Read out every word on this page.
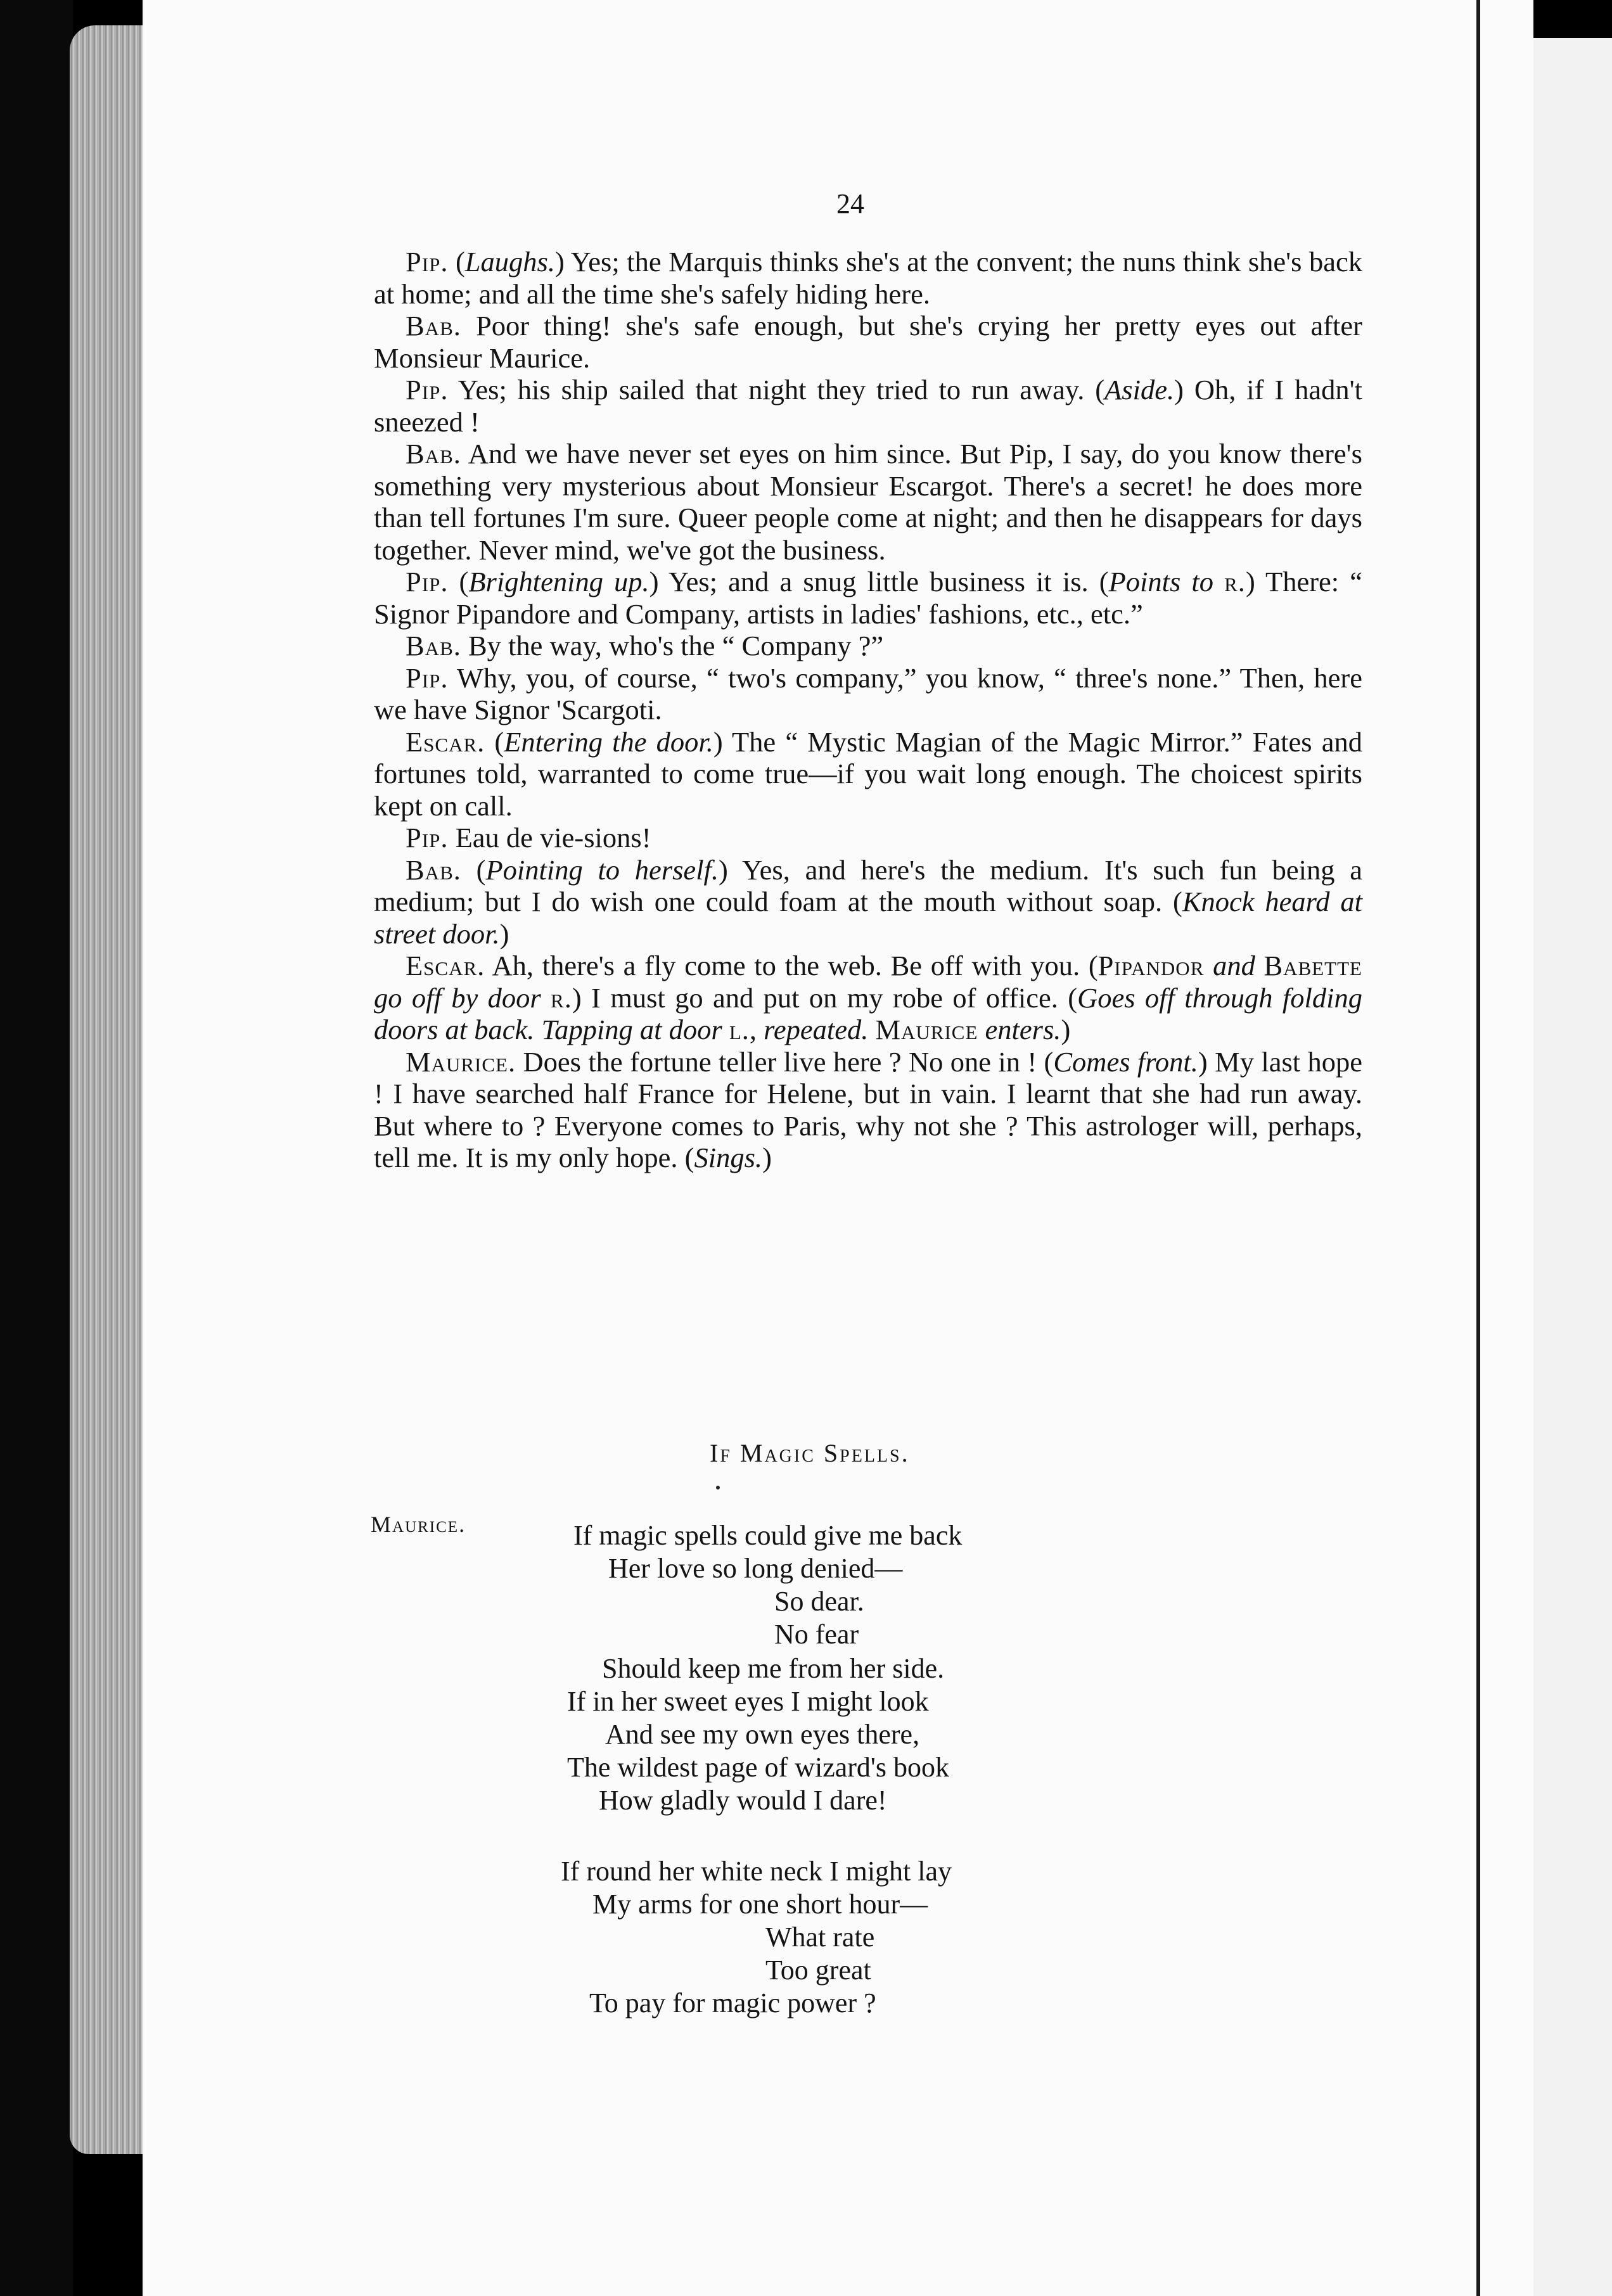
24

Pip. (Laughs.) Yes; the Marquis thinks she's at the convent; the nuns think she's back at home; and all the time she's safely hiding here.

Bab. Poor thing! she's safe enough, but she's crying her pretty eyes out after Monsieur Maurice.

Pip. Yes; his ship sailed that night they tried to run away. (Aside.) Oh, if I hadn't sneezed !

Bab. And we have never set eyes on him since. But Pip, I say, do you know there's something very mysterious about Monsieur Escargot. There's a secret! he does more than tell fortunes I'm sure. Queer people come at night; and then he disappears for days together. Never mind, we've got the business.

Pip. (Brightening up.) Yes; and a snug little business it is. (Points to r.) There: “ Signor Pipandore and Company, artists in ladies' fashions, etc., etc.”

Bab. By the way, who's the “ Company ?”

Pip. Why, you, of course, “ two's company,” you know, “ three's none.” Then, here we have Signor 'Scargoti.

Escar. (Entering the door.) The “ Mystic Magian of the Magic Mirror.” Fates and fortunes told, warranted to come true—if you wait long enough. The choicest spirits kept on call.

Pip. Eau de vie-sions!

Bab. (Pointing to herself.) Yes, and here's the medium. It's such fun being a medium; but I do wish one could foam at the mouth without soap. (Knock heard at street door.)

Escar. Ah, there's a fly come to the web. Be off with you. (Pipandor and Babette go off by door r.) I must go and put on my robe of office. (Goes off through folding doors at back. Tapping at door l., repeated. Maurice enters.)

Maurice. Does the fortune teller live here ? No one in ! (Comes front.) My last hope ! I have searched half France for Helene, but in vain. I learnt that she had run away. But where to ? Everyone comes to Paris, why not she ? This astrologer will, perhaps, tell me. It is my only hope. (Sings.)

If Magic Spells.
Maurice.	If magic spells could give me back
Her love so long denied—
So dear.
No fear
Should keep me from her side.
If in her sweet eyes I might look
And see my own eyes there,
The wildest page of wizard's book
How gladly would I dare!
If round her white neck I might lay
My arms for one short hour—
What rate
Too great
To pay for magic power ?
